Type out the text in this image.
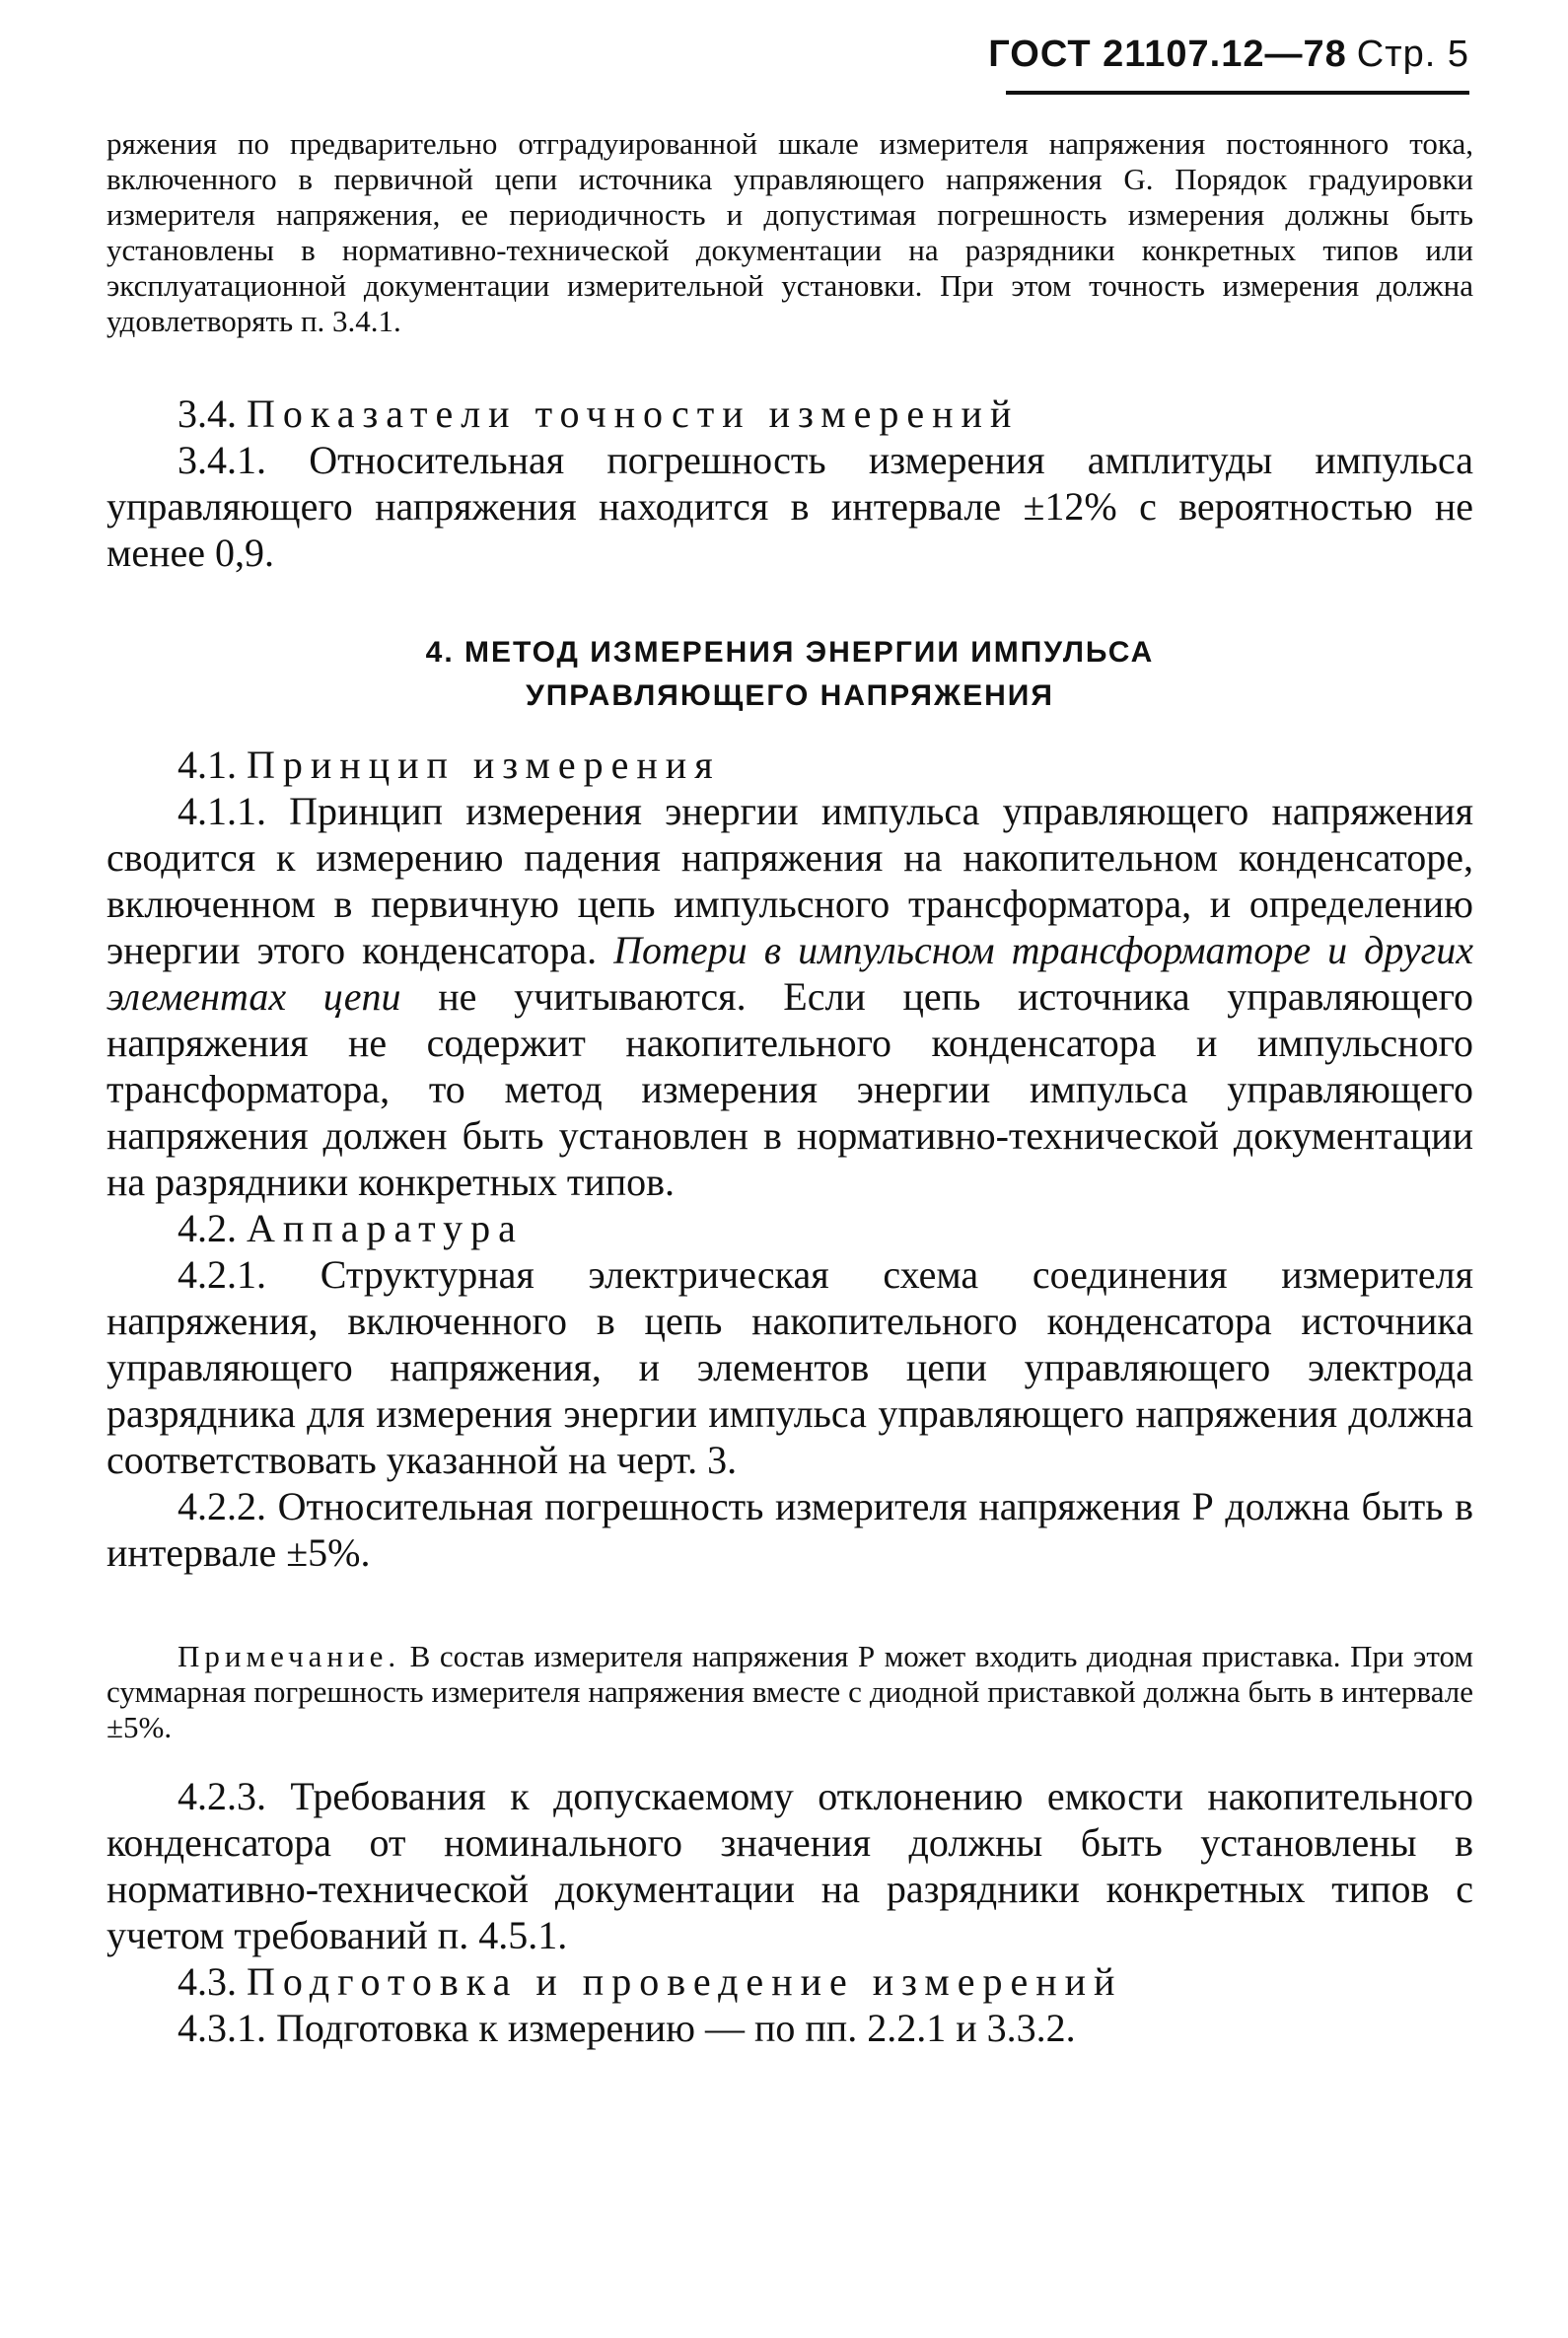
ГОСТ 21107.12—78 Стр. 5

ряжения по предварительно отградуированной шкале измерителя напряжения постоянного тока, включенного в первичной цепи источника управляющего напряжения G. Порядок градуировки измерителя напряжения, ее периодичность и допустимая погрешность измерения должны быть установлены в нормативно-технической документации на разрядники конкретных типов или эксплуатационной документации измерительной установки. При этом точность измерения должна удовлетворять п. 3.4.1.

3.4. Показатели точности измерений

3.4.1. Относительная погрешность измерения амплитуды импульса управляющего напряжения находится в интервале ±12% с вероятностью не менее 0,9.

4. МЕТОД ИЗМЕРЕНИЯ ЭНЕРГИИ ИМПУЛЬСА

УПРАВЛЯЮЩЕГО НАПРЯЖЕНИЯ

4.1. Принцип измерения

4.1.1. Принцип измерения энергии импульса управляющего напряжения сводится к измерению падения напряжения на накопительном конденсаторе, включенном в первичную цепь импульсного трансформатора, и определению энергии этого конденсатора. Потери в импульсном трансформаторе и других элементах цепи не учитываются. Если цепь источника управляющего напряжения не содержит накопительного конденсатора и импульсного трансформатора, то метод измерения энергии импульса управляющего напряжения должен быть установлен в нормативно-технической документации на разрядники конкретных типов.

4.2. Аппаратура

4.2.1. Структурная электрическая схема соединения измерителя напряжения, включенного в цепь накопительного конденсатора источника управляющего напряжения, и элементов цепи управляющего электрода разрядника для измерения энергии импульса управляющего напряжения должна соответствовать указанной на черт. 3.

4.2.2. Относительная погрешность измерителя напряжения Р должна быть в интервале ±5%.

Примечание. В состав измерителя напряжения Р может входить диодная приставка. При этом суммарная погрешность измерителя напряжения вместе с диодной приставкой должна быть в интервале ±5%.

4.2.3. Требования к допускаемому отклонению емкости накопительного конденсатора от номинального значения должны быть установлены в нормативно-технической документации на разрядники конкретных типов с учетом требований п. 4.5.1.

4.3. Подготовка и проведение измерений

4.3.1. Подготовка к измерению — по пп. 2.2.1 и 3.3.2.
